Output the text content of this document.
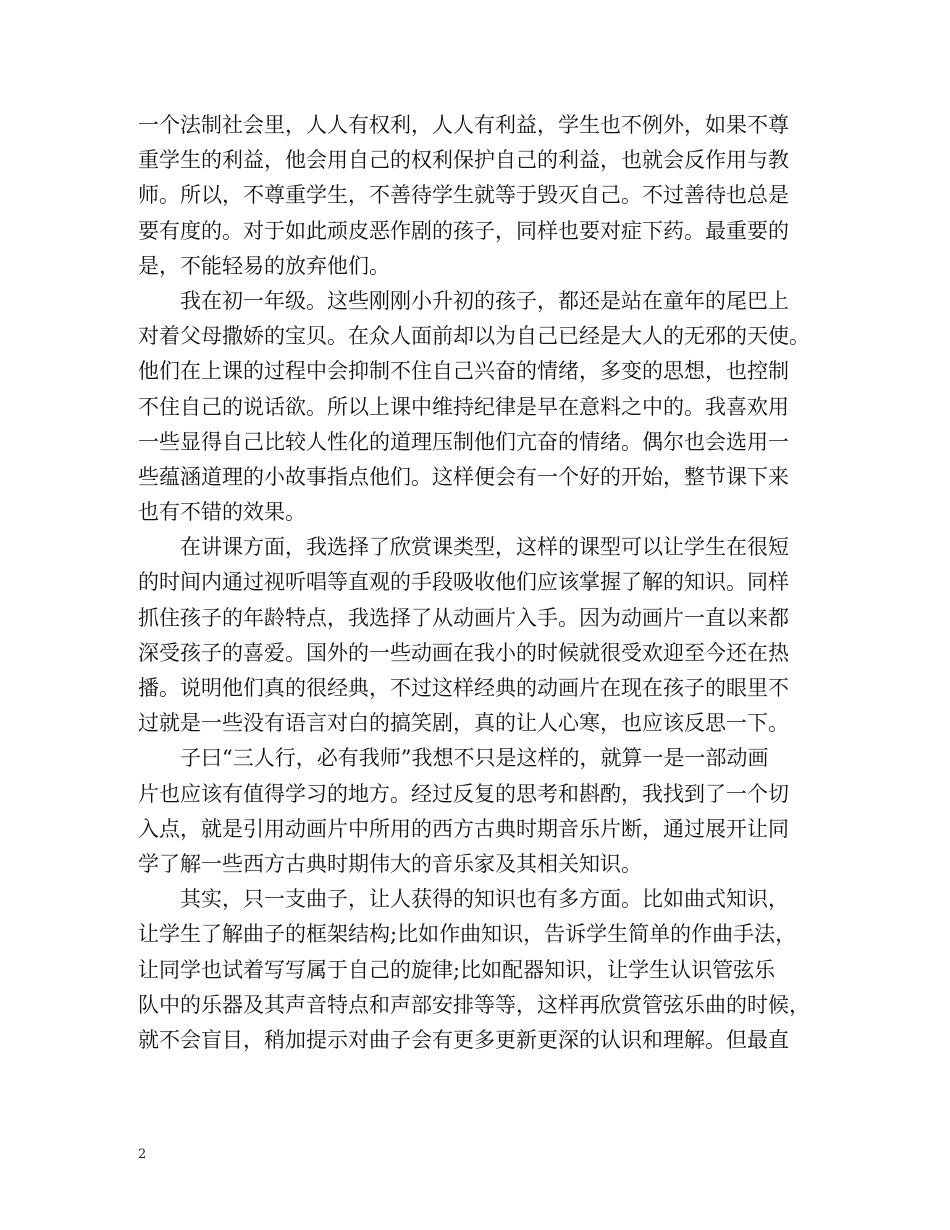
一个法制社会里，人人有权利，人人有利益，学生也不例外，如果不尊
重学生的利益，他会用自己的权利保护自己的利益，也就会反作用与教
师。所以，不尊重学生，不善待学生就等于毁灭自己。不过善待也总是
要有度的。对于如此顽皮恶作剧的孩子，同样也要对症下药。最重要的
是，不能轻易的放弃他们。

我在初一年级。这些刚刚小升初的孩子，都还是站在童年的尾巴上
对着父母撒娇的宝贝。在众人面前却以为自己已经是大人的无邪的天使。
他们在上课的过程中会抑制不住自己兴奋的情绪，多变的思想，也控制
不住自己的说话欲。所以上课中维持纪律是早在意料之中的。我喜欢用
一些显得自己比较人性化的道理压制他们亢奋的情绪。偶尔也会选用一
些蕴涵道理的小故事指点他们。这样便会有一个好的开始，整节课下来
也有不错的效果。

在讲课方面，我选择了欣赏课类型，这样的课型可以让学生在很短
的时间内通过视听唱等直观的手段吸收他们应该掌握了解的知识。同样
抓住孩子的年龄特点，我选择了从动画片入手。因为动画片一直以来都
深受孩子的喜爱。国外的一些动画在我小的时候就很受欢迎至今还在热
播。说明他们真的很经典，不过这样经典的动画片在现在孩子的眼里不
过就是一些没有语言对白的搞笑剧，真的让人心寒，也应该反思一下。

子曰“三人行，必有我师”我想不只是这样的，就算一是一部动画
片也应该有值得学习的地方。经过反复的思考和斟酌，我找到了一个切
入点，就是引用动画片中所用的西方古典时期音乐片断，通过展开让同
学了解一些西方古典时期伟大的音乐家及其相关知识。

其实，只一支曲子，让人获得的知识也有多方面。比如曲式知识，
让学生了解曲子的框架结构;比如作曲知识，告诉学生简单的作曲手法，
让同学也试着写写属于自己的旋律;比如配器知识，让学生认识管弦乐
队中的乐器及其声音特点和声部安排等等，这样再欣赏管弦乐曲的时候，
就不会盲目，稍加提示对曲子会有更多更新更深的认识和理解。但最直

2
